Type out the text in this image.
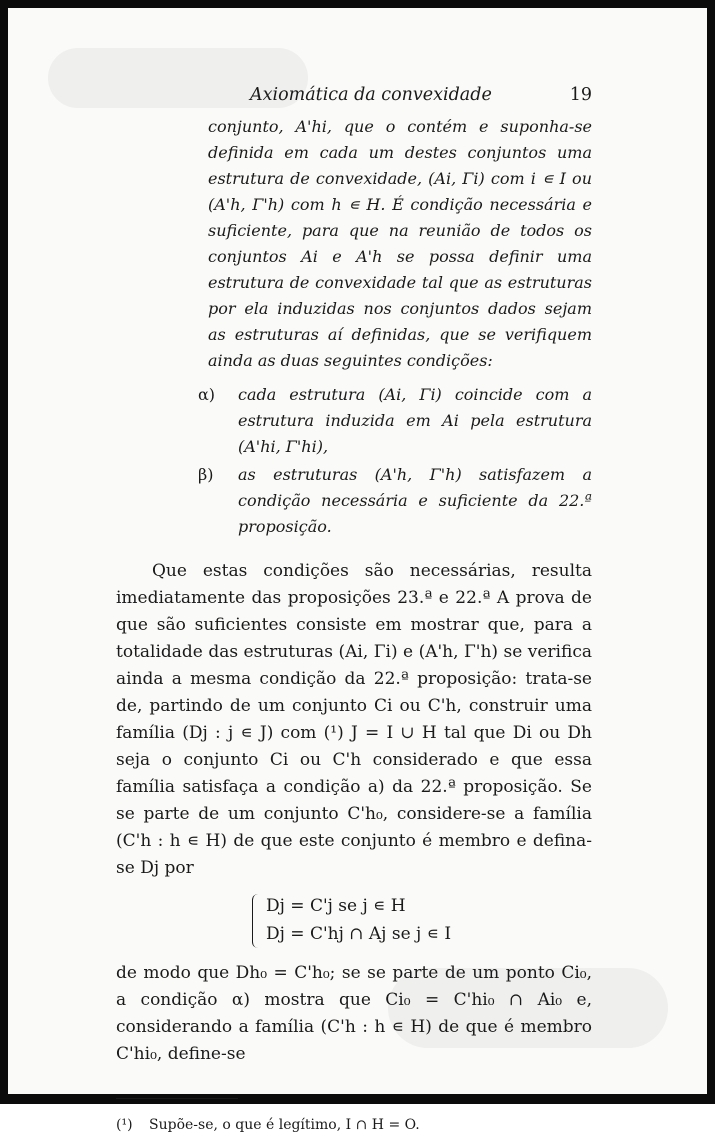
Axiomática da convexidade	19
conjunto, A'hi, que o contém e suponha-se definida em cada um destes conjuntos uma estrutura de convexidade, (Ai, Γi) com i ∊ I ou (A'h, Γ'h) com h ∊ H. É condição necessária e suficiente, para que na reunião de todos os conjuntos Ai e A'h se possa definir uma estrutura de convexidade tal que as estruturas por ela induzidas nos conjuntos dados sejam as estruturas aí definidas, que se verifiquem ainda as duas seguintes condições:
α) cada estrutura (Ai, Γi) coincide com a estrutura induzida em Ai pela estrutura (A'hi, Γ'hi),
β) as estruturas (A'h, Γ'h) satisfazem a condição necessária e suficiente da 22.ª proposição.

Que estas condições são necessárias, resulta imediatamente das proposições 23.ª e 22.ª A prova de que são suficientes consiste em mostrar que, para a totalidade das estruturas (Ai, Γi) e (A'h, Γ'h) se verifica ainda a mesma condição da 22.ª proposição: trata-se de, partindo de um conjunto Ci ou C'h, construir uma família (Dj : j ∊ J) com (¹) J = I ∪ H tal que Di ou Dh seja o conjunto Ci ou C'h considerado e que essa família satisfaça a condição a) da 22.ª proposição. Se se parte de um conjunto C'h₀, considere-se a família (C'h : h ∊ H) de que este conjunto é membro e defina-se Dj por

Dj = C'j se j ∊ H
Dj = C'hj ∩ Aj se j ∊ I

de modo que Dh₀ = C'h₀; se se parte de um ponto Ci₀, a condição α) mostra que Ci₀ = C'hi₀ ∩ Ai₀ e, considerando a família (C'h : h ∊ H) de que é membro C'hi₀, define-se

(¹) Supõe-se, o que é legítimo, I ∩ H = O.
